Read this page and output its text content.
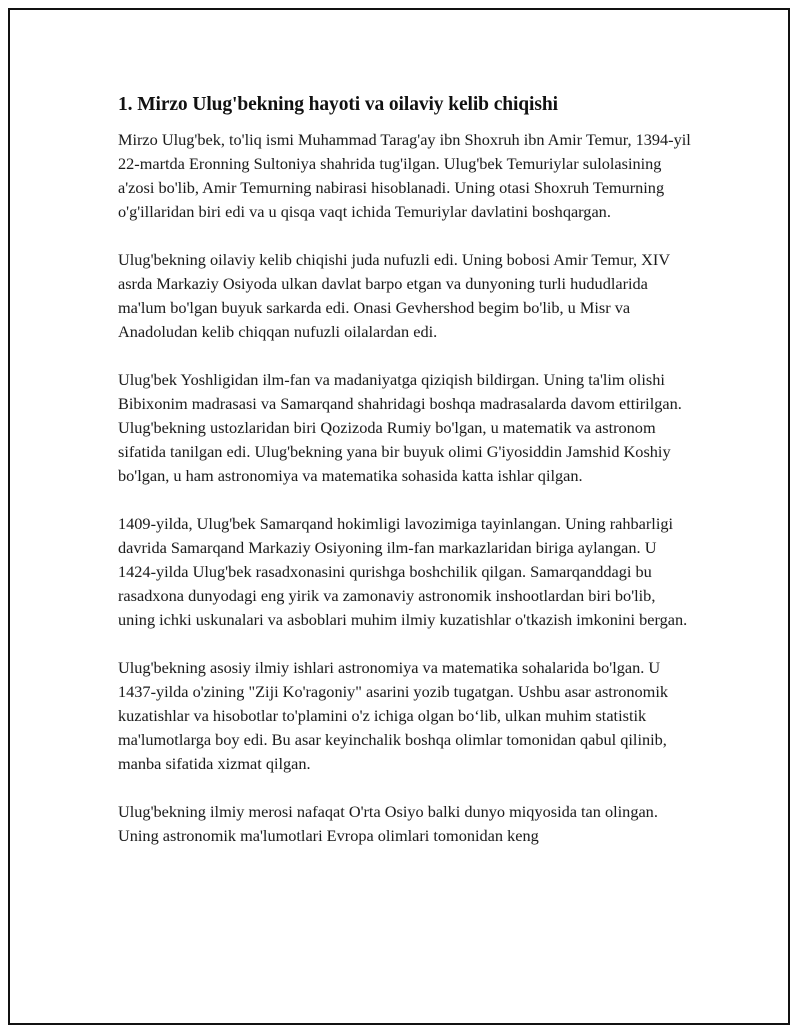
1. Mirzo Ulug'bekning hayoti va oilaviy kelib chiqishi

Mirzo Ulug'bek, to'liq ismi Muhammad Tarag'ay ibn Shoxruh ibn Amir Temur, 1394-yil 22-martda Eronning Sultoniya shahrida tug'ilgan. Ulug'bek Temuriylar sulolasining a'zosi bo'lib, Amir Temurning nabirasi hisoblanadi. Uning otasi Shoxruh Temurning o'g'illaridan biri edi va u qisqa vaqt ichida Temuriylar davlatini boshqargan.

Ulug'bekning oilaviy kelib chiqishi juda nufuzli edi. Uning bobosi Amir Temur, XIV asrda Markaziy Osiyoda ulkan davlat barpo etgan va dunyoning turli hududlarida ma'lum bo'lgan buyuk sarkarda edi. Onasi Gevhershod begim bo'lib, u Misr va Anadoludan kelib chiqqan nufuzli oilalardan edi.

Ulug'bek Yoshligidan ilm-fan va madaniyatga qiziqish bildirgan. Uning ta'lim olishi Bibixonim madrasasi va Samarqand shahridagi boshqa madrasalarda davom ettirilgan. Ulug'bekning ustozlaridan biri Qozizoda Rumiy bo'lgan, u matematik va astronom sifatida tanilgan edi. Ulug'bekning yana bir buyuk olimi G'iyosiddin Jamshid Koshiy bo'lgan, u ham astronomiya va matematika sohasida katta ishlar qilgan.

1409-yilda, Ulug'bek Samarqand hokimligi lavozimiga tayinlangan. Uning rahbarligi davrida Samarqand Markaziy Osiyoning ilm-fan markazlaridan biriga aylangan. U 1424-yilda Ulug'bek rasadxonasini qurishga boshchilik qilgan. Samarqanddagi bu rasadxona dunyodagi eng yirik va zamonaviy astronomik inshootlardan biri bo'lib, uning ichki uskunalari va asboblari muhim ilmiy kuzatishlar o'tkazish imkonini bergan.

Ulug'bekning asosiy ilmiy ishlari astronomiya va matematika sohalarida bo'lgan. U 1437-yilda o'zining "Ziji Ko'ragoniy" asarini yozib tugatgan. Ushbu asar astronomik kuzatishlar va hisobotlar to'plamini o'z ichiga olgan bo‘lib, ulkan muhim statistik ma'lumotlarga boy edi. Bu asar keyinchalik boshqa olimlar tomonidan qabul qilinib, manba sifatida xizmat qilgan.

Ulug'bekning ilmiy merosi nafaqat O'rta Osiyo balki dunyo miqyosida tan olingan. Uning astronomik ma'lumotlari Evropa olimlari tomonidan keng
